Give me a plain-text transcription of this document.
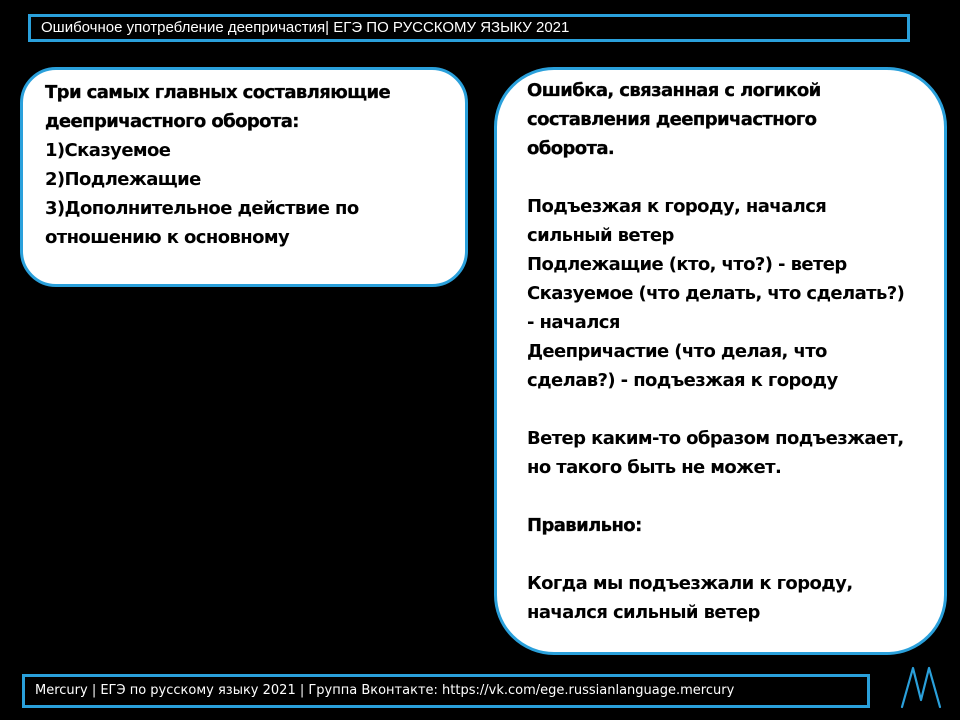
Ошибочное употребление деепричастия| ЕГЭ ПО РУССКОМУ ЯЗЫКУ 2021
Три самых главных составляющие
деепричастного оборота:
1)Сказуемое
2)Подлежащие
3)Дополнительное действие по
отношению к основному
Ошибка, связанная с логикой
составления деепричастного
оборота.
Подъезжая к городу, начался
сильный ветер
Подлежащие (кто, что?) - ветер
Сказуемое (что делать, что сделать?)
- начался
Деепричастие (что делая, что
сделав?) - подъезжая к городу
Ветер каким-то образом подъезжает,
но такого быть не может.
Правильно:
Когда мы подъезжали к городу,
начался сильный ветер
Mercury | ЕГЭ по русскому языку 2021 | Группа Вконтакте: https://vk.com/ege.russianlanguage.mercury
